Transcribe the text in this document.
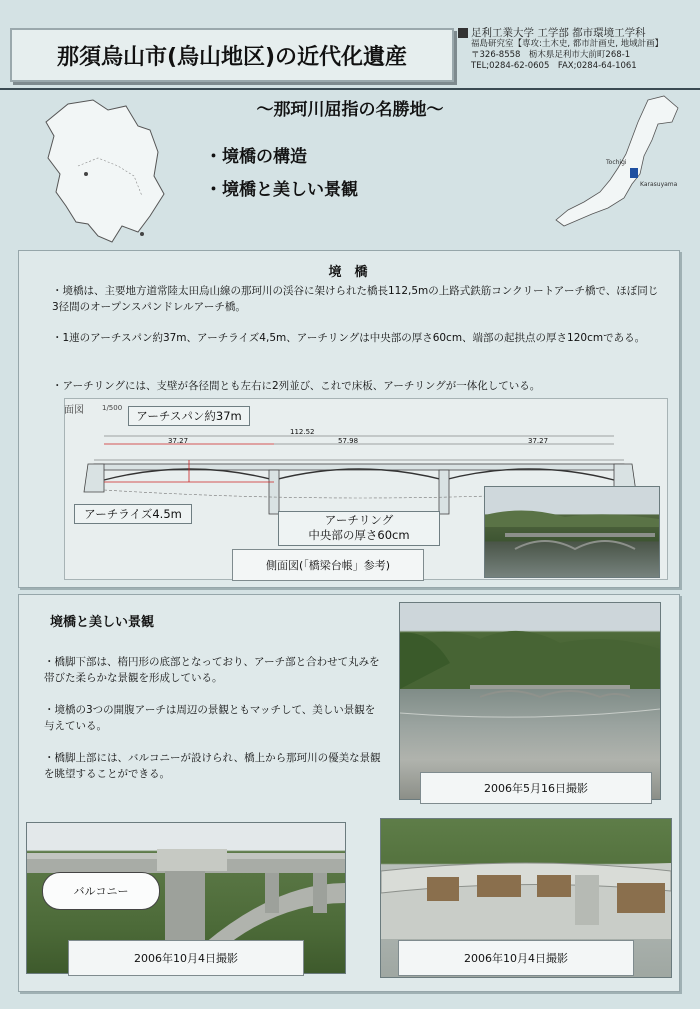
那須烏山市(烏山地区)の近代化遺産
足利工業大学 工学部 都市環境工学科
福島研究室【専攻:土木史, 都市計画史, 地域計画】
〒326-8558　栃木県足利市大前町268-1
TEL;0284-62-0605　FAX;0284-64-1061
～那珂川屈指の名勝地～
Tochigi
Karasuyama
・境橋の構造
・境橋と美しい景観
境　橋
・境橋は、主要地方道常陸太田烏山線の那珂川の渓谷に架けられた橋長112,5mの上路式鉄筋コンクリートアーチ橋で、ほぼ同じ3径間のオープンスパンドレルアーチ橋。
・1連のアーチスパン約37m、アーチライズ4,5m、アーチリングは中央部の厚さ60cm、端部の起拱点の厚さ120cmである。
・アーチリングには、支壁が各径間とも左右に2列並び、これで床板、アーチリングが一体化している。
面図	1/500
112.52
37.27	57.98	37.27
アーチスパン約37m
アーチライズ4.5m	アーチリング
中央部の厚さ60cm
側面図(「橋梁台帳」参考)
境橋と美しい景観
・橋脚下部は、楕円形の底部となっており、アーチ部と合わせて丸みを帯びた柔らかな景観を形成している。
・境橋の3つの開腹アーチは周辺の景観ともマッチして、美しい景観を与えている。
・橋脚上部には、バルコニーが設けられ、橋上から那珂川の優美な景観を眺望することができる。
2006年5月16日撮影
バルコニー
2006年10月4日撮影	2006年10月4日撮影
